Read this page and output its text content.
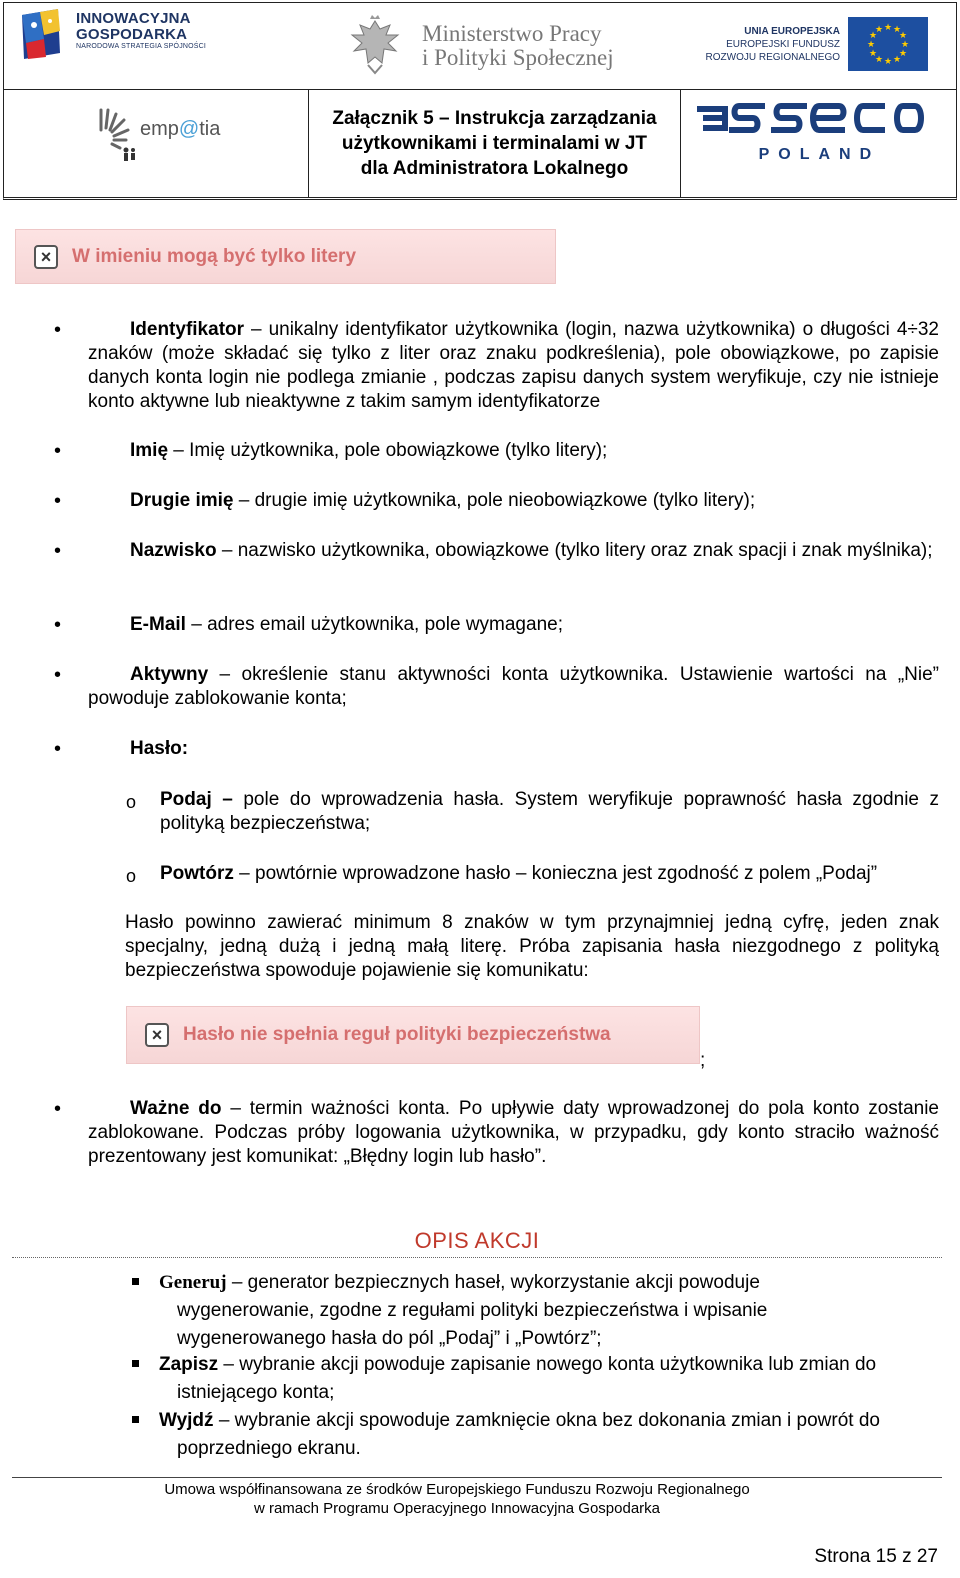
INNOWACYJNA
GOSPODARKA
NARODOWA STRATEGIA SPÓJNOŚCI
Ministerstwo Pracy
i Polityki Społecznej
UNIA EUROPEJSKA
EUROPEJSKI FUNDUSZ
ROZWOJU REGIONALNEGO
★ ★
★
★
★
★
★
★
★
★
★
★
emp@tia	Załącznik 5 – Instrukcja zarządzania
użytkownikami i terminalami w JT
dla Administratora Lokalnego

POLAND
×	W imieniu mogą być tylko litery
•	Identyfikator – unikalny identyfikator użytkownika (login, nazwa użytkownika) o długości 4÷32 znaków (może składać się tylko z liter oraz znaku podkreślenia), pole obowiązkowe, po zapisie danych konta login nie podlega zmianie , podczas zapisu danych system weryfikuje, czy nie istnieje konto aktywne lub nieaktywne z takim samym identyfikatorze
•	Imię – Imię użytkownika, pole obowiązkowe (tylko litery);
•	Drugie imię – drugie imię użytkownika, pole nieobowiązkowe (tylko litery);
•	Nazwisko – nazwisko użytkownika, obowiązkowe (tylko litery oraz znak spacji i znak myślnika);
•	E-Mail – adres email użytkownika, pole wymagane;
•	Aktywny – określenie stanu aktywności konta użytkownika. Ustawienie wartości na „Nie” powoduje zablokowanie konta;
•	Hasło:
o Podaj – pole do wprowadzenia hasła. System weryfikuje poprawność hasła zgodnie z polityką bezpieczeństwa;
o Powtórz – powtórnie wprowadzone hasło – konieczna jest zgodność z polem „Podaj”
Hasło powinno zawierać minimum 8 znaków w tym przynajmniej jedną cyfrę, jeden znak specjalny, jedną dużą i jedną małą literę. Próba zapisania hasła niezgodnego z polityką bezpieczeństwa spowoduje pojawienie się komunikatu:
×	Hasło nie spełnia reguł polityki bezpieczeństwa
;
•	Ważne do – termin ważności konta. Po upływie daty wprowadzonej do pola konto zostanie zablokowane. Podczas próby logowania użytkownika, w przypadku, gdy konto straciło ważność prezentowany jest komunikat: „Błędny login lub hasło”.
OPIS AKCJI
Generuj – generator bezpiecznych haseł, wykorzystanie akcji powoduje
wygenerowanie, zgodne z regułami polityki bezpieczeństwa i wpisanie
wygenerowanego hasła do pól „Podaj” i „Powtórz”;
Zapisz – wybranie akcji powoduje zapisanie nowego konta użytkownika lub zmian do
istniejącego konta;
Wyjdź – wybranie akcji spowoduje zamknięcie okna bez dokonania zmian i powrót do
poprzedniego ekranu.
Umowa współfinansowana ze środków Europejskiego Funduszu Rozwoju Regionalnego
w ramach Programu Operacyjnego Innowacyjna Gospodarka
Strona 15 z 27
